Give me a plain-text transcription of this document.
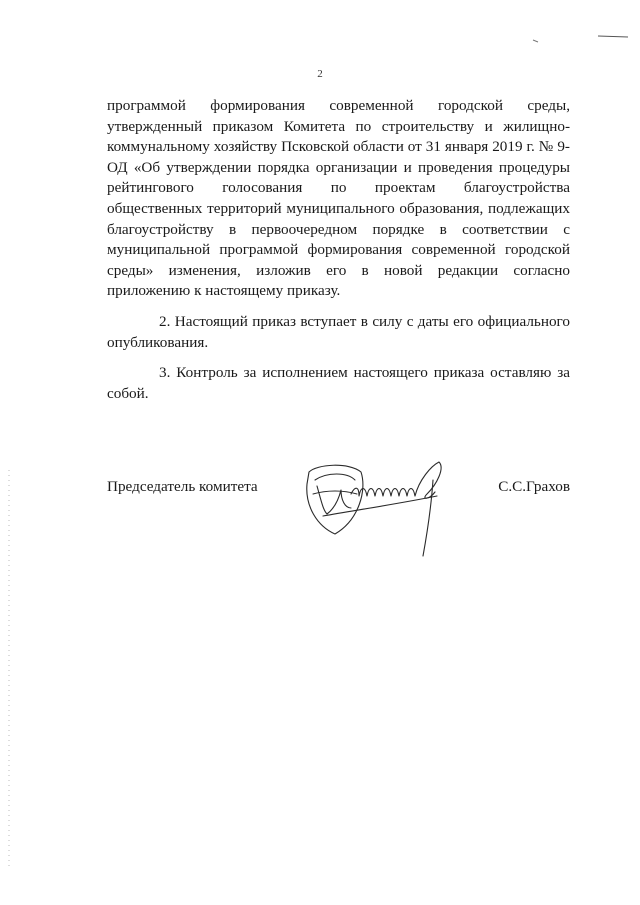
2

программой формирования современной городской среды, утвержденный приказом Комитета по строительству и жилищно-коммунальному хозяйству Псковской области от 31 января 2019 г. № 9-ОД «Об утверждении порядка организации и проведения процедуры рейтингового голосования по проектам благоустройства общественных территорий муниципального образования, подлежащих благоустройству в первоочередном порядке в соответствии с муниципальной программой формирования современной городской среды» изменения, изложив его в новой редакции согласно приложению к настоящему приказу.

2. Настоящий приказ вступает в силу с даты его официального опубликования.

3. Контроль за исполнением настоящего приказа оставляю за собой.

Председатель комитета	С.С.Грахов
